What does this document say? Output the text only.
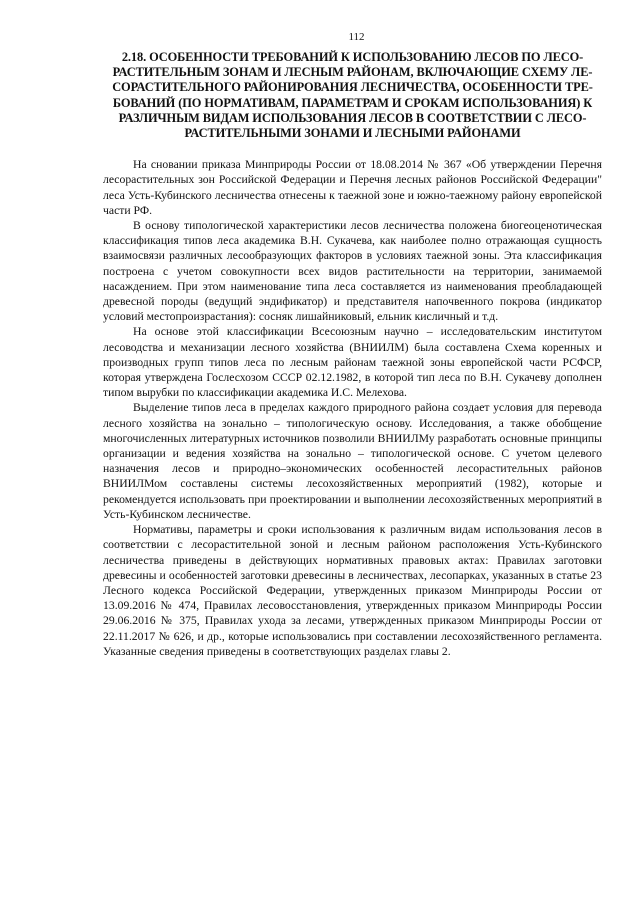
112
2.18. ОСОБЕННОСТИ ТРЕБОВАНИЙ К ИСПОЛЬЗОВАНИЮ ЛЕСОВ ПО ЛЕСО-
РАСТИТЕЛЬНЫМ ЗОНАМ И ЛЕСНЫМ РАЙОНАМ, ВКЛЮЧАЮЩИЕ СХЕМУ ЛЕ-
СОРАСТИТЕЛЬНОГО РАЙОНИРОВАНИЯ ЛЕСНИЧЕСТВА, ОСОБЕННОСТИ ТРЕ-
БОВАНИЙ (ПО НОРМАТИВАМ, ПАРАМЕТРАМ И СРОКАМ ИСПОЛЬЗОВАНИЯ) К
РАЗЛИЧНЫМ ВИДАМ ИСПОЛЬЗОВАНИЯ ЛЕСОВ В СООТВЕТСТВИИ С ЛЕСО-
РАСТИТЕЛЬНЫМИ ЗОНАМИ И ЛЕСНЫМИ РАЙОНАМИ

На сновании приказа Минприроды России от 18.08.2014 № 367 «Об утверждении Перечня лесорастительных зон Российской Федерации и Перечня лесных районов Российской Федерации" леса Усть-Кубинского лесничества отнесены к таежной зоне и южно-таежному району европейской части РФ.

В основу типологической характеристики лесов лесничества положена биогеоценотическая классификация типов леса академика В.Н. Сукачева, как наиболее полно отражающая сущность взаимосвязи различных лесообразующих факторов в условиях таежной зоны. Эта классификация построена с учетом совокупности всех видов растительности на территории, занимаемой насаждением. При этом наименование типа леса составляется из наименования преобладающей древесной породы (ведущий эндификатор) и представителя напочвенного покрова (индикатор условий местопроизрастания): сосняк лишайниковый, ельник кисличный и т.д.

На основе этой классификации Всесоюзным научно – исследовательским институтом лесоводства и механизации лесного хозяйства (ВНИИЛМ) была составлена Схема коренных и производных групп типов леса по лесным районам таежной зоны европейской части РСФСР, которая утверждена Гослесхозом СССР 02.12.1982, в которой тип леса по В.Н. Сукачеву дополнен типом вырубки по классификации академика И.С. Мелехова.

Выделение типов леса в пределах каждого природного района создает условия для перевода лесного хозяйства на зонально – типологическую основу. Исследования, а также обобщение многочисленных литературных источников позволили ВНИИЛМу разработать основные принципы организации и ведения хозяйства на зонально – типологической основе. С учетом целевого назначения лесов и природно–экономических особенностей лесорастительных районов ВНИИЛМом составлены системы лесохозяйственных мероприятий (1982), которые и рекомендуется использовать при проектировании и выполнении лесохозяйственных мероприятий в Усть-Кубинском лесничестве.

Нормативы, параметры и сроки использования к различным видам использования лесов в соответствии с лесорастительной зоной и лесным районом расположения Усть-Кубинского лесничества приведены в действующих нормативных правовых актах: Правилах заготовки древесины и особенностей заготовки древесины в лесничествах, лесопарках, указанных в статье 23 Лесного кодекса Российской Федерации, утвержденных приказом Минприроды России от 13.09.2016 № 474, Правилах лесовосстановления, утвержденных приказом Минприроды России 29.06.2016 № 375, Правилах ухода за лесами, утвержденных приказом Минприроды России от 22.11.2017 № 626, и др., которые использовались при составлении лесохозяйственного регламента. Указанные сведения приведены в соответствующих разделах главы 2.
